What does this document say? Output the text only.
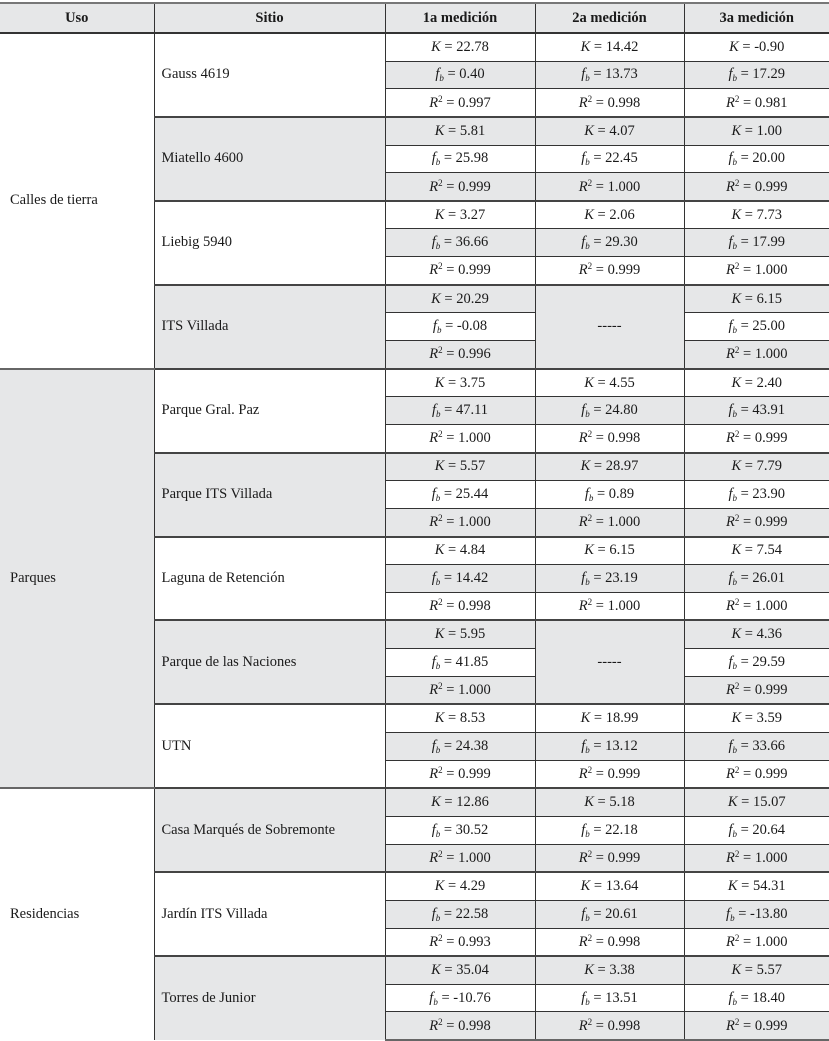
Uso	Sitio	1a medición	2a medición	3a medición
Calles de tierra	Gauss 4619	K = 22.78	K = 14.42	K = -0.90
		$f_b = 0.40$	$f_b = 13.73$	$f_b = 17.29$
		$R^2 = 0.997$	$R^2 = 0.998$	$R^2 = 0.981$
	Miatello 4600	K = 5.81	K = 4.07	K = 1.00
		$f_b = 25.98$	$f_b = 22.45$	$f_b = 20.00$
		$R^2 = 0.999$	$R^2 = 1.000$	$R^2 = 0.999$
	Liebig 5940	K = 3.27	K = 2.06	K = 7.73
		$f_b = 36.66$	$f_b = 29.30$	$f_b = 17.99$
		$R^2 = 0.999$	$R^2 = 0.999$	$R^2 = 1.000$
	ITS Villada	K = 20.29	-----	K = 6.15
		$f_b = -0.08$		$f_b = 25.00$
		$R^2 = 0.996$		$R^2 = 1.000$
Parques	Parque Gral. Paz	K = 3.75	K = 4.55	K = 2.40
		$f_b = 47.11$	$f_b = 24.80$	$f_b = 43.91$
		$R^2 = 1.000$	$R^2 = 0.998$	$R^2 = 0.999$
	Parque ITS Villada	K = 5.57	K = 28.97	K = 7.79
		$f_b = 25.44$	$f_b = 0.89$	$f_b = 23.90$
		$R^2 = 1.000$	$R^2 = 1.000$	$R^2 = 0.999$
	Laguna de Retención	K = 4.84	K = 6.15	K = 7.54
		$f_b = 14.42$	$f_b = 23.19$	$f_b = 26.01$
		$R^2 = 0.998$	$R^2 = 1.000$	$R^2 = 1.000$
	Parque de las Naciones	K = 5.95	-----	K = 4.36
		$f_b = 41.85$		$f_b = 29.59$
		$R^2 = 1.000$		$R^2 = 0.999$
	UTN	K = 8.53	K = 18.99	K = 3.59
		$f_b = 24.38$	$f_b = 13.12$	$f_b = 33.66$
		$R^2 = 0.999$	$R^2 = 0.999$	$R^2 = 0.999$
Residencias	Casa Marqués de Sobremonte	K = 12.86	K = 5.18	K = 15.07
		$f_b = 30.52$	$f_b = 22.18$	$f_b = 20.64$
		$R^2 = 1.000$	$R^2 = 0.999$	$R^2 = 1.000$
	Jardín ITS Villada	K = 4.29	K = 13.64	K = 54.31
		$f_b = 22.58$	$f_b = 20.61$	$f_b = -13.80$
		$R^2 = 0.993$	$R^2 = 0.998$	$R^2 = 1.000$
	Torres de Junior	K = 35.04	K = 3.38	K = 5.57
		$f_b = -10.76$	$f_b = 13.51$	$f_b = 18.40$
		$R^2 = 0.998$	$R^2 = 0.998$	$R^2 = 0.999$
